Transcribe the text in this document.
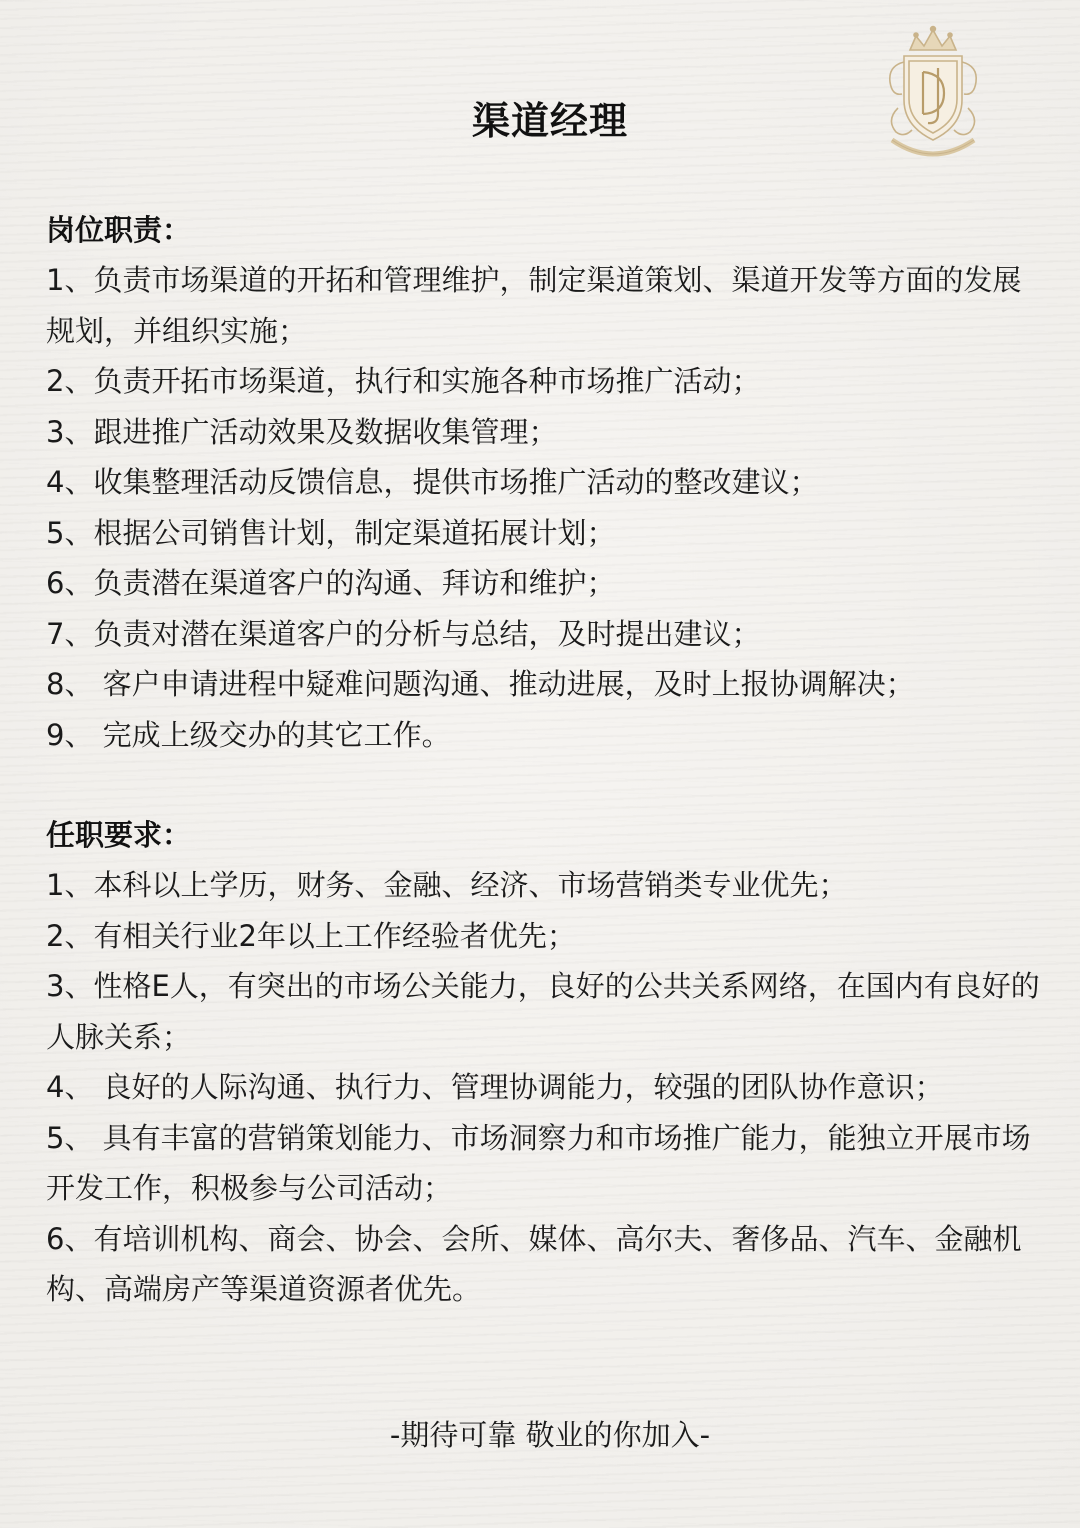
渠道经理
岗位职责：
1、负责市场渠道的开拓和管理维护，制定渠道策划、渠道开发等方面的发展规划，并组织实施；
2、负责开拓市场渠道，执行和实施各种市场推广活动；
3、跟进推广活动效果及数据收集管理；
4、收集整理活动反馈信息，提供市场推广活动的整改建议；
5、根据公司销售计划，制定渠道拓展计划；
6、负责潜在渠道客户的沟通、拜访和维护；
7、负责对潜在渠道客户的分析与总结，及时提出建议；
8、 客户申请进程中疑难问题沟通、推动进展，及时上报协调解决；
9、 完成上级交办的其它工作。
任职要求：
1、本科以上学历，财务、金融、经济、市场营销类专业优先；
2、有相关行业2年以上工作经验者优先；
3、性格E人，有突出的市场公关能力，良好的公共关系网络，在国内有良好的人脉关系；
4、 良好的人际沟通、执行力、管理协调能力，较强的团队协作意识；
5、 具有丰富的营销策划能力、市场洞察力和市场推广能力，能独立开展市场开发工作，积极参与公司活动；
6、有培训机构、商会、协会、会所、媒体、高尔夫、奢侈品、汽车、金融机构、高端房产等渠道资源者优先。
-期待可靠 敬业的你加入-
